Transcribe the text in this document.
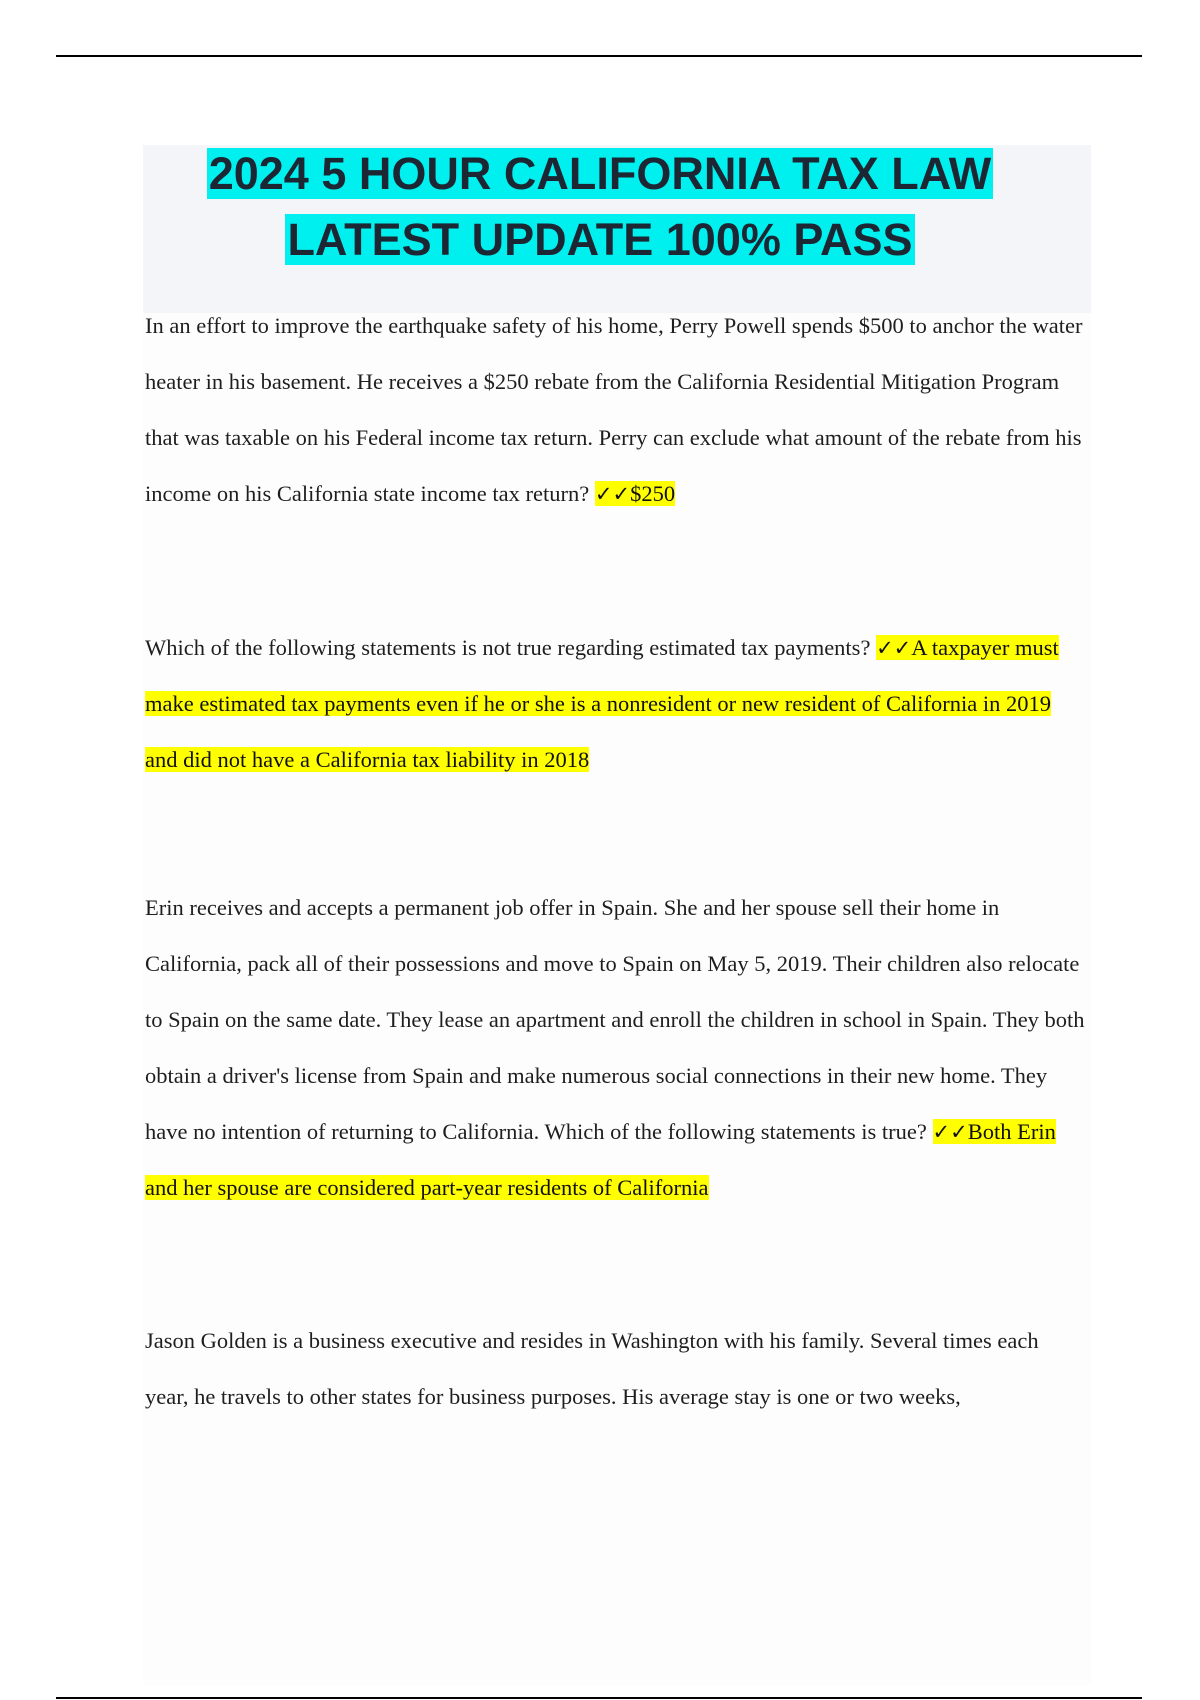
2024 5 HOUR CALIFORNIA TAX LAW
LATEST UPDATE 100% PASS

In an effort to improve the earthquake safety of his home, Perry Powell spends $500 to anchor the water heater in his basement. He receives a $250 rebate from the California Residential Mitigation Program that was taxable on his Federal income tax return. Perry can exclude what amount of the rebate from his income on his California state income tax return? ✓✓$250

Which of the following statements is not true regarding estimated tax payments? ✓✓A taxpayer must make estimated tax payments even if he or she is a nonresident or new resident of California in 2019 and did not have a California tax liability in 2018

Erin receives and accepts a permanent job offer in Spain. She and her spouse sell their home in California, pack all of their possessions and move to Spain on May 5, 2019. Their children also relocate to Spain on the same date. They lease an apartment and enroll the children in school in Spain. They both obtain a driver's license from Spain and make numerous social connections in their new home. They have no intention of returning to California. Which of the following statements is true? ✓✓Both Erin and her spouse are considered part-year residents of California

Jason Golden is a business executive and resides in Washington with his family. Several times each year, he travels to other states for business purposes. His average stay is one or two weeks,
